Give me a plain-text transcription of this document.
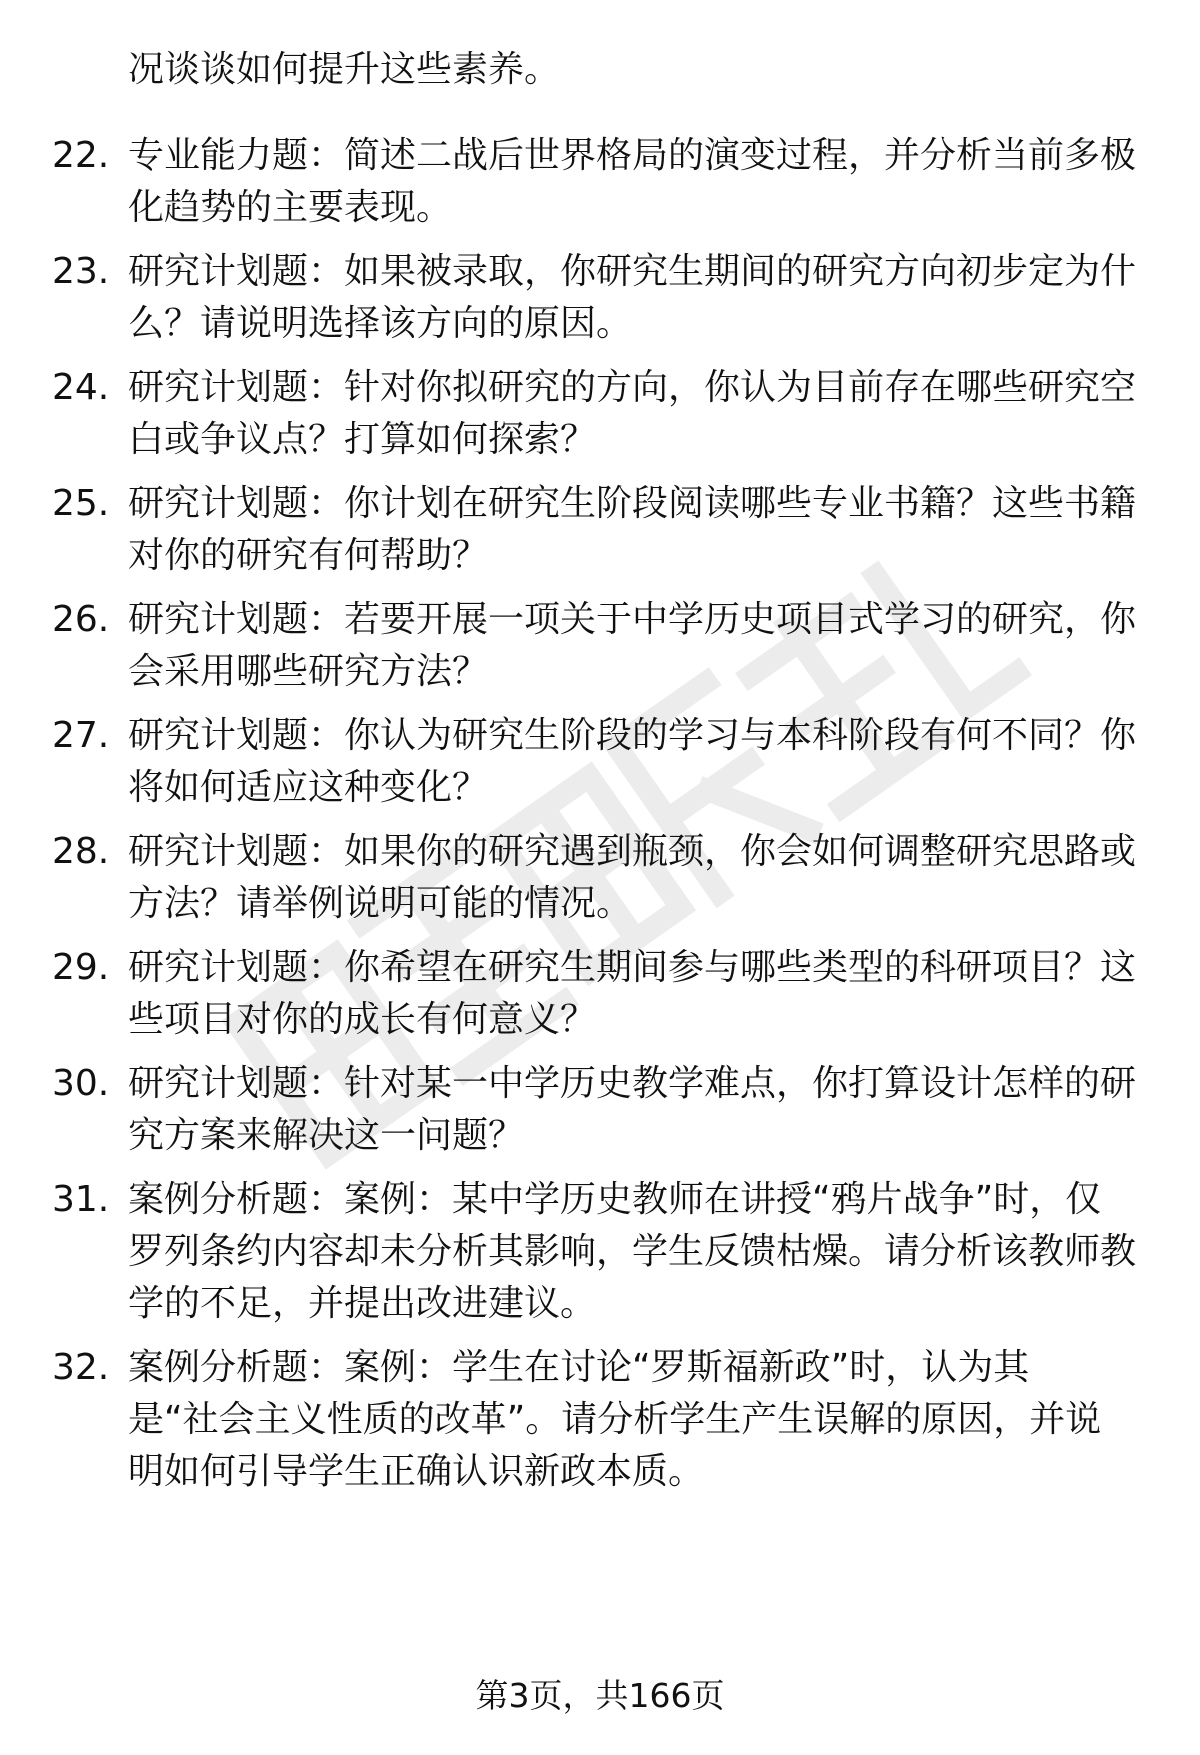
况谈谈如何提升这些素养。
22. 专业能力题：简述二战后世界格局的演变过程，并分析当前多极
化趋势的主要表现。
23. 研究计划题：如果被录取，你研究生期间的研究方向初步定为什
么？请说明选择该方向的原因。
24. 研究计划题：针对你拟研究的方向，你认为目前存在哪些研究空
白或争议点？打算如何探索？
25. 研究计划题：你计划在研究生阶段阅读哪些专业书籍？这些书籍
对你的研究有何帮助？
26. 研究计划题：若要开展一项关于中学历史项目式学习的研究，你
会采用哪些研究方法？
27. 研究计划题：你认为研究生阶段的学习与本科阶段有何不同？你
将如何适应这种变化？
28. 研究计划题：如果你的研究遇到瓶颈，你会如何调整研究思路或
方法？请举例说明可能的情况。
29. 研究计划题：你希望在研究生期间参与哪些类型的科研项目？这
些项目对你的成长有何意义？
30. 研究计划题：针对某一中学历史教学难点，你打算设计怎样的研
究方案来解决这一问题？
31. 案例分析题：案例：某中学历史教师在讲授“鸦片战争”时，仅
罗列条约内容却未分析其影响，学生反馈枯燥。请分析该教师教
学的不足，并提出改进建议。
32. 案例分析题：案例：学生在讨论“罗斯福新政”时，认为其
是“社会主义性质的改革”。请分析学生产生误解的原因，并说
明如何引导学生正确认识新政本质。
第3页，共166页
